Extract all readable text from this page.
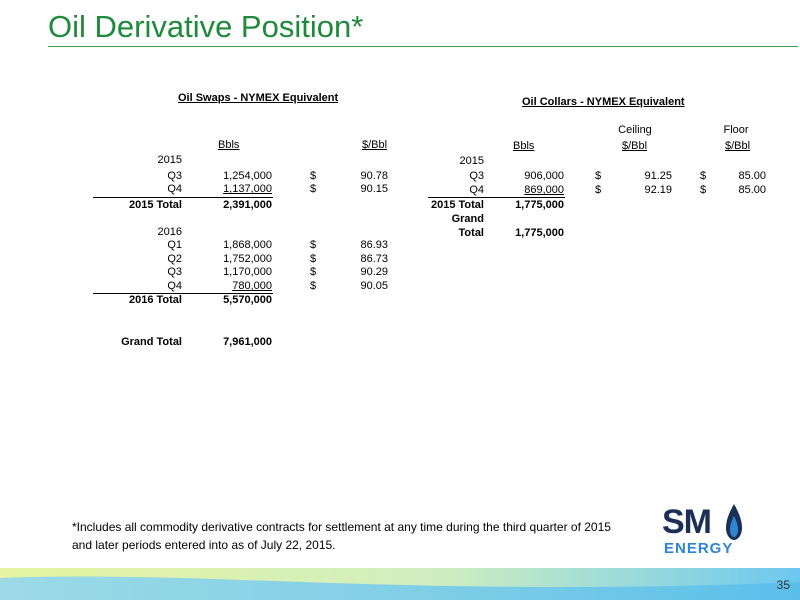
Oil Derivative Position*
Oil Swaps - NYMEX Equivalent
Bbls	$/Bbl
2015
Q3	1,254,000	$	90.78
Q4	1,137,000	$	90.15
2015 Total	2,391,000
2016
Q1	1,868,000	$	86.93
Q2	1,752,000	$	86.73
Q3	1,170,000	$	90.29
Q4	780,000	$	90.05
2016 Total	5,570,000
Grand Total	7,961,000
Oil Collars - NYMEX Equivalent
Ceiling	Floor
Bbls	$/Bbl	$/Bbl
2015
Q3	906,000	$	91.25	$	85.00
Q4	869,000	$	92.19	$	85.00
2015 Total	1,775,000
Grand
Total	1,775,000
*Includes all commodity derivative contracts for settlement at any time during the third quarter of 2015 and later periods entered into as of July 22, 2015.
SM
ENERGY
35
